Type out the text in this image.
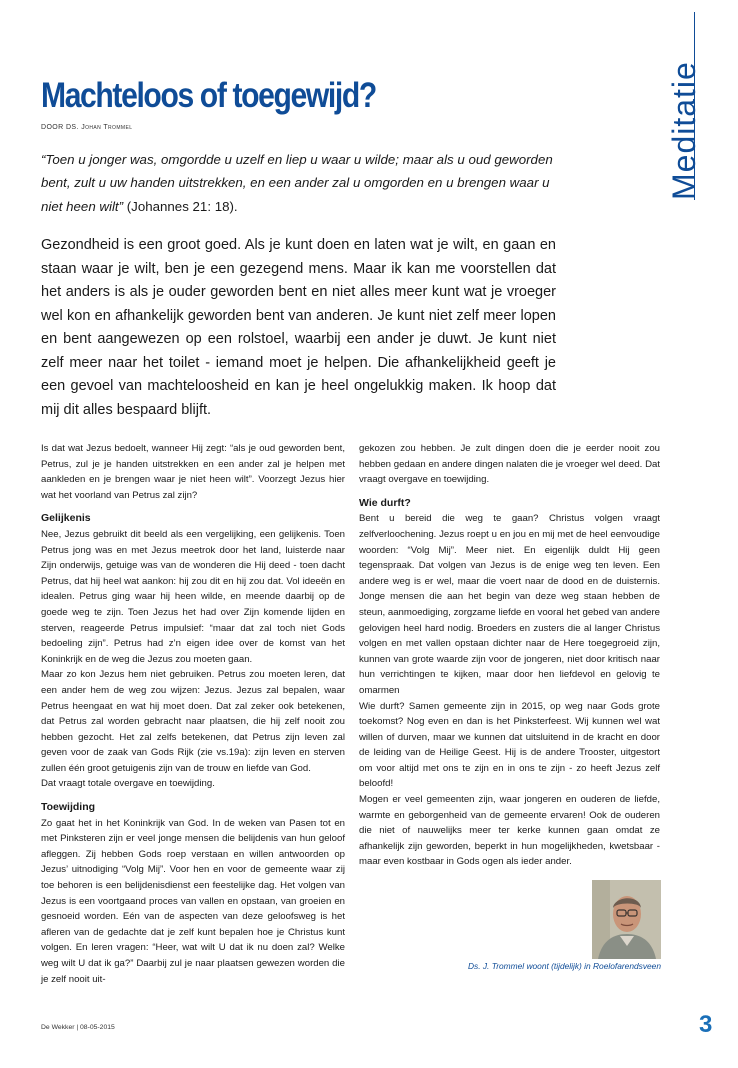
Meditatie
Machteloos of toegewijd?
DOOR DS. Johan Trommel

“Toen u jonger was, omgordde u uzelf en liep u waar u wilde; maar als u oud geworden bent, zult u uw handen uitstrekken, en een ander zal u omgorden en u brengen waar u niet heen wilt” (Johannes 21: 18).

Gezondheid is een groot goed. Als je kunt doen en laten wat je wilt, en gaan en staan waar je wilt, ben je een gezegend mens. Maar ik kan me voorstellen dat het anders is als je ouder geworden bent en niet alles meer kunt wat je vroeger wel kon en afhankelijk geworden bent van anderen. Je kunt niet zelf meer lopen en bent aangewezen op een rolstoel, waarbij een ander je duwt. Je kunt niet zelf meer naar het toilet - iemand moet je helpen. Die afhankelijkheid geeft je een gevoel van machteloosheid en kan je heel ongelukkig maken. Ik hoop dat mij dit alles bespaard blijft.

Is dat wat Jezus bedoelt, wanneer Hij zegt: “als je oud geworden bent, Petrus, zul je je handen uitstrekken en een ander zal je helpen met aankleden en je brengen waar je niet heen wilt”. Voorzegt Jezus hier wat het voorland van Petrus zal zijn?

Gelijkenis

Nee, Jezus gebruikt dit beeld als een vergelijking, een gelijkenis. Toen Petrus jong was en met Jezus meetrok door het land, luisterde naar Zijn onderwijs, getuige was van de wonderen die Hij deed - toen dacht Petrus, dat hij heel wat aankon: hij zou dit en hij zou dat. Vol ideeën en idealen. Petrus ging waar hij heen wilde, en meende daarbij op de goede weg te zijn. Toen Jezus het had over Zijn komende lijden en sterven, reageerde Petrus impulsief: “maar dat zal toch niet Gods bedoeling zijn”. Petrus had z’n eigen idee over de komst van het Koninkrijk en de weg die Jezus zou moeten gaan.

Maar zo kon Jezus hem niet gebruiken. Petrus zou moeten leren, dat een ander hem de weg zou wijzen: Jezus. Jezus zal bepalen, waar Petrus heengaat en wat hij moet doen. Dat zal zeker ook betekenen, dat Petrus zal worden gebracht naar plaatsen, die hij zelf nooit zou hebben gezocht. Het zal zelfs betekenen, dat Petrus zijn leven zal geven voor de zaak van Gods Rijk (zie vs.19a): zijn leven en sterven zullen één groot getuigenis zijn van de trouw en liefde van God.

Dat vraagt totale overgave en toewijding.

Toewijding

Zo gaat het in het Koninkrijk van God. In de weken van Pasen tot en met Pinksteren zijn er veel jonge mensen die belijdenis van hun geloof afleggen. Zij hebben Gods roep verstaan en willen antwoorden op Jezus’ uitnodiging “Volg Mij”. Voor hen en voor de gemeente waar zij toe behoren is een belijdenisdienst een feestelijke dag. Het volgen van Jezus is een voortgaand proces van vallen en opstaan, van groeien en gesnoeid worden. Eén van de aspecten van deze geloofsweg is het afleren van de gedachte dat je zelf kunt bepalen hoe je Christus kunt volgen. En leren vragen: “Heer, wat wilt U dat ik nu doen zal? Welke weg wilt U dat ik ga?” Daarbij zul je naar plaatsen gewezen worden die je zelf nooit uit-

gekozen zou hebben. Je zult dingen doen die je eerder nooit zou hebben gedaan en andere dingen nalaten die je vroeger wel deed. Dat vraagt overgave en toewijding.

Wie durft?

Bent u bereid die weg te gaan? Christus volgen vraagt zelfverloochening. Jezus roept u en jou en mij met de heel eenvoudige woorden: “Volg Mij”. Meer niet. En eigenlijk duldt Hij geen tegenspraak. Dat volgen van Jezus is de enige weg ten leven. Een andere weg is er wel, maar die voert naar de dood en de duisternis. Jonge mensen die aan het begin van deze weg staan hebben de steun, aanmoediging, zorgzame liefde en vooral het gebed van andere gelovigen heel hard nodig. Broeders en zusters die al langer Christus volgen en met vallen opstaan dichter naar de Here toegegroeid zijn, kunnen van grote waarde zijn voor de jongeren, niet door kritisch naar hun verrichtingen te kijken, maar door hen liefdevol en gelovig te omarmen

Wie durft? Samen gemeente zijn in 2015, op weg naar Gods grote toekomst? Nog even en dan is het Pinksterfeest. Wij kunnen wel wat willen of durven, maar we kunnen dat uitsluitend in de kracht en door de leiding van de Heilige Geest. Hij is de andere Trooster, uitgestort om voor altijd met ons te zijn en in ons te zijn - zo heeft Jezus zelf beloofd!

Mogen er veel gemeenten zijn, waar jongeren en ouderen de liefde, warmte en geborgenheid van de gemeente ervaren! Ook de ouderen die niet of nauwelijks meer ter kerke kunnen gaan omdat ze afhankelijk zijn geworden, beperkt in hun mogelijkheden, kwetsbaar - maar even kostbaar in Gods ogen als ieder ander.

Ds. J. Trommel woont (tijdelijk) in Roelofarendsveen
De Wekker | 08-05-2015	3
